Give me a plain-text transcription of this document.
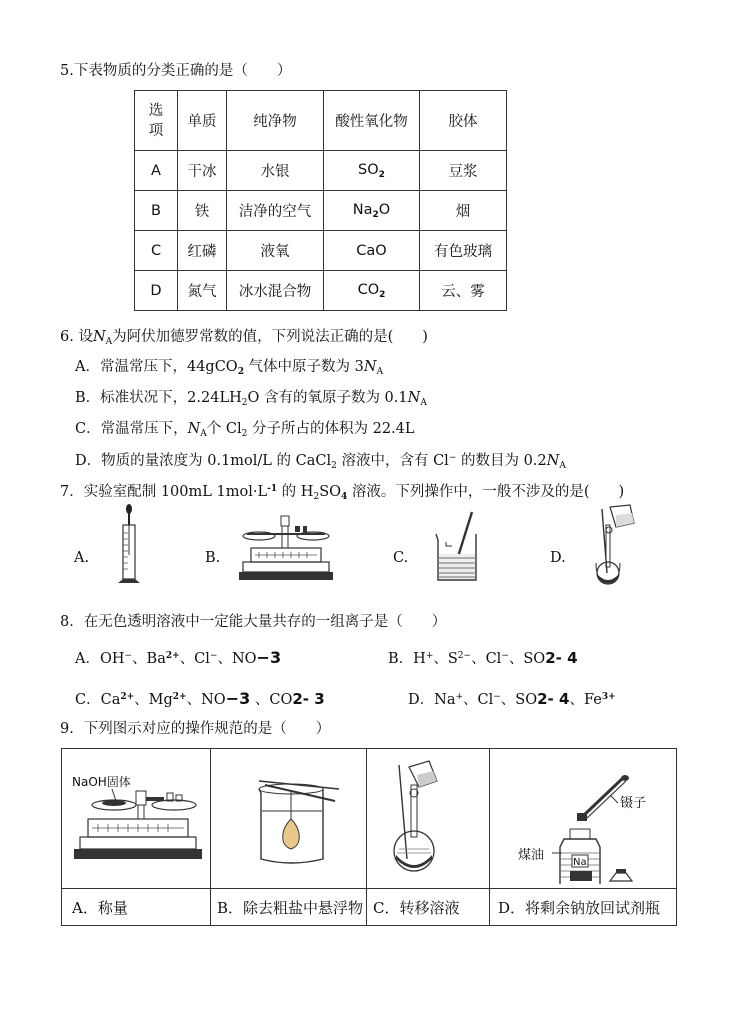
5.下表物质的分类正确的是（　　）
选
项	单质	纯净物	酸性氧化物	胶体
A	干冰	水银	$SO_2$	豆浆
B	铁	洁净的空气	$Na_2O$	烟
C	红磷	液氧	CaO	有色玻璃
D	氮气	冰水混合物	$CO_2$	云、雾
6. 设$N_A$为阿伏加德罗常数的值，下列说法正确的是(　　)
A．常温常压下，44gCO$_2$ 气体中原子数为 $3N_A$
B．标准状况下，$2.24LH_2O$ 含有的氧原子数为 $0.1N_A$
C．常温常压下，$N_A$个 $Cl_2$ 分子所占的体积为 22.4L
D．物质的量浓度为 0.1mol/L 的 CaCl$_2$ 溶液中，含有 Cl− 的数目为 $0.2N_A$
7．实验室配制 100mL $1mol\cdot L^{-1}$ 的 $H_2SO_4$ 溶液。下列操作中，一般不涉及的是(　　)
A.	B.	C.	D.
8．在无色透明溶液中一定能大量共存的一组离子是（　　）
A．OH−、$Ba^{2+}$、Cl−、NO−3	B．H+、$S^{2-}$、Cl−、SO2- 4
C．$Ca^{2+}$、$Mg^{2+}$、NO−3 、CO2- 3	D．Na+、Cl−、SO2- 4、$Fe^{3+}$
9．下列图示对应的操作规范的是（　　）
NaOH固体			镊子
Na
煤油

A．称量	B．除去粗盐中悬浮物	C．转移溶液	D．将剩余钠放回试剂瓶
